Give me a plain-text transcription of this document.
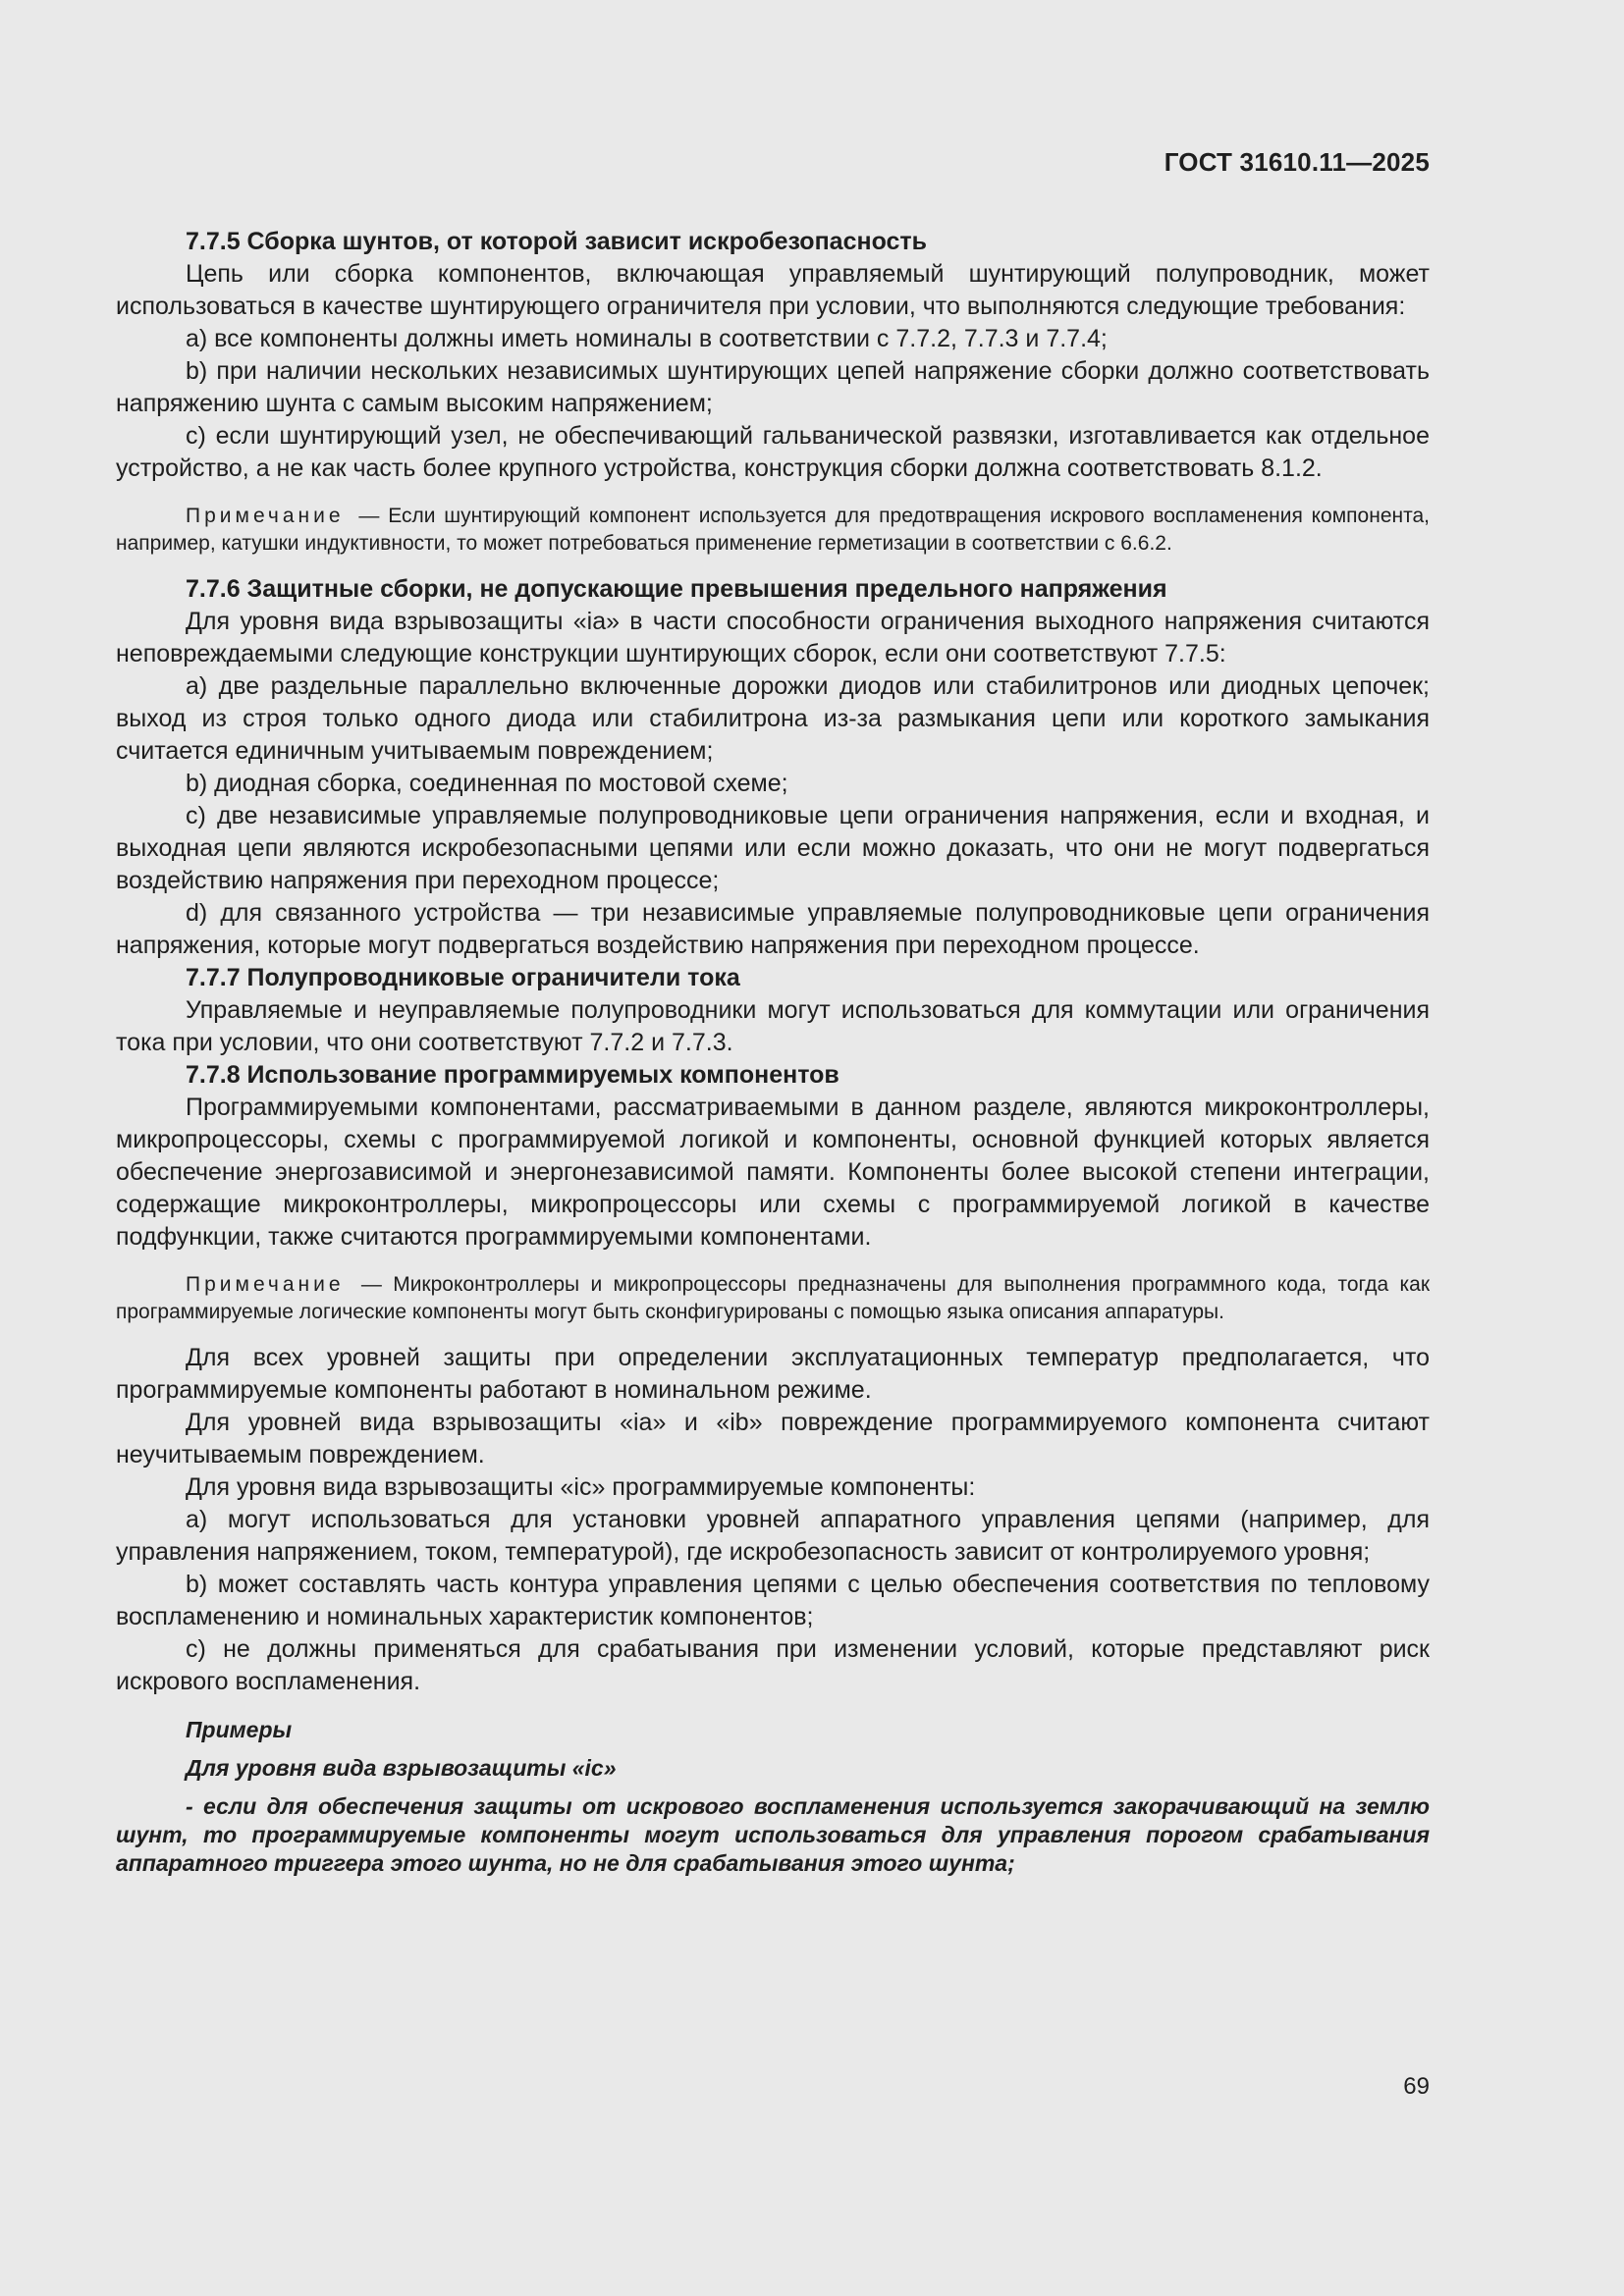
ГОСТ 31610.11—2025
7.7.5 Сборка шунтов, от которой зависит искробезопасность

Цепь или сборка компонентов, включающая управляемый шунтирующий полупроводник, может использоваться в качестве шунтирующего ограничителя при условии, что выполняются следующие требования:

a) все компоненты должны иметь номиналы в соответствии с 7.7.2, 7.7.3 и 7.7.4;

b) при наличии нескольких независимых шунтирующих цепей напряжение сборки должно соответствовать напряжению шунта с самым высоким напряжением;

c) если шунтирующий узел, не обеспечивающий гальванической развязки, изготавливается как отдельное устройство, а не как часть более крупного устройства, конструкция сборки должна соответствовать 8.1.2.

Примечание — Если шунтирующий компонент используется для предотвращения искрового воспламенения компонента, например, катушки индуктивности, то может потребоваться применение герметизации в соответствии с 6.6.2.

7.7.6 Защитные сборки, не допускающие превышения предельного напряжения

Для уровня вида взрывозащиты «ia» в части способности ограничения выходного напряжения считаются неповреждаемыми следующие конструкции шунтирующих сборок, если они соответствуют 7.7.5:

a) две раздельные параллельно включенные дорожки диодов или стабилитронов или диодных цепочек; выход из строя только одного диода или стабилитрона из-за размыкания цепи или короткого замыкания считается единичным учитываемым повреждением;

b) диодная сборка, соединенная по мостовой схеме;

c) две независимые управляемые полупроводниковые цепи ограничения напряжения, если и входная, и выходная цепи являются искробезопасными цепями или если можно доказать, что они не могут подвергаться воздействию напряжения при переходном процессе;

d) для связанного устройства — три независимые управляемые полупроводниковые цепи ограничения напряжения, которые могут подвергаться воздействию напряжения при переходном процессе.

7.7.7 Полупроводниковые ограничители тока

Управляемые и неуправляемые полупроводники могут использоваться для коммутации или ограничения тока при условии, что они соответствуют 7.7.2 и 7.7.3.

7.7.8 Использование программируемых компонентов

Программируемыми компонентами, рассматриваемыми в данном разделе, являются микроконтроллеры, микропроцессоры, схемы с программируемой логикой и компоненты, основной функцией которых является обеспечение энергозависимой и энергонезависимой памяти. Компоненты более высокой степени интеграции, содержащие микроконтроллеры, микропроцессоры или схемы с программируемой логикой в качестве подфункции, также считаются программируемыми компонентами.

Примечание — Микроконтроллеры и микропроцессоры предназначены для выполнения программного кода, тогда как программируемые логические компоненты могут быть сконфигурированы с помощью языка описания аппаратуры.

Для всех уровней защиты при определении эксплуатационных температур предполагается, что программируемые компоненты работают в номинальном режиме.

Для уровней вида взрывозащиты «ia» и «ib» повреждение программируемого компонента считают неучитываемым повреждением.

Для уровня вида взрывозащиты «ic» программируемые компоненты:

a) могут использоваться для установки уровней аппаратного управления цепями (например, для управления напряжением, током, температурой), где искробезопасность зависит от контролируемого уровня;

b) может составлять часть контура управления цепями с целью обеспечения соответствия по тепловому воспламенению и номинальных характеристик компонентов;

c) не должны применяться для срабатывания при изменении условий, которые представляют риск искрового воспламенения.

Примеры

Для уровня вида взрывозащиты «ic»

- если для обеспечения защиты от искрового воспламенения используется закорачивающий на землю шунт, то программируемые компоненты могут использоваться для управления порогом срабатывания аппаратного триггера этого шунта, но не для срабатывания этого шунта;

69
